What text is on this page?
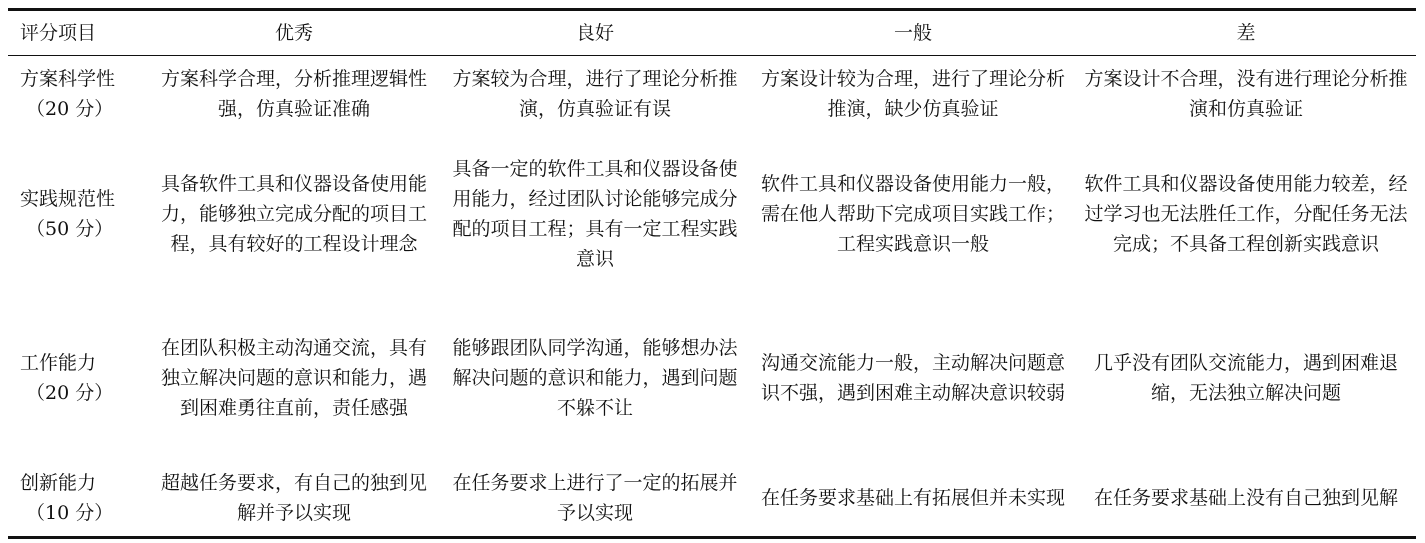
评分项目	优秀	良好	一般	差

方案科学性
（20 分）	方案科学合理，分析推理逻辑性强，仿真验证准确	方案较为合理，进行了理论分析推演，仿真验证有误	方案设计较为合理，进行了理论分析推演，缺少仿真验证	方案设计不合理，没有进行理论分析推演和仿真验证

实践规范性
（50 分）	具备软件工具和仪器设备使用能力，能够独立完成分配的项目工程，具有较好的工程设计理念	具备一定的软件工具和仪器设备使用能力，经过团队讨论能够完成分配的项目工程；具有一定工程实践意识	软件工具和仪器设备使用能力一般，需在他人帮助下完成项目实践工作；工程实践意识一般	软件工具和仪器设备使用能力较差，经过学习也无法胜任工作，分配任务无法完成；不具备工程创新实践意识

工作能力
（20 分）	在团队积极主动沟通交流，具有独立解决问题的意识和能力，遇到困难勇往直前，责任感强	能够跟团队同学沟通，能够想办法解决问题的意识和能力，遇到问题不躲不让	沟通交流能力一般，主动解决问题意识不强，遇到困难主动解决意识较弱	几乎没有团队交流能力，遇到困难退缩，无法独立解决问题

创新能力
（10 分）	超越任务要求，有自己的独到见解并予以实现	在任务要求上进行了一定的拓展并予以实现	在任务要求基础上有拓展但并未实现	在任务要求基础上没有自己独到见解
